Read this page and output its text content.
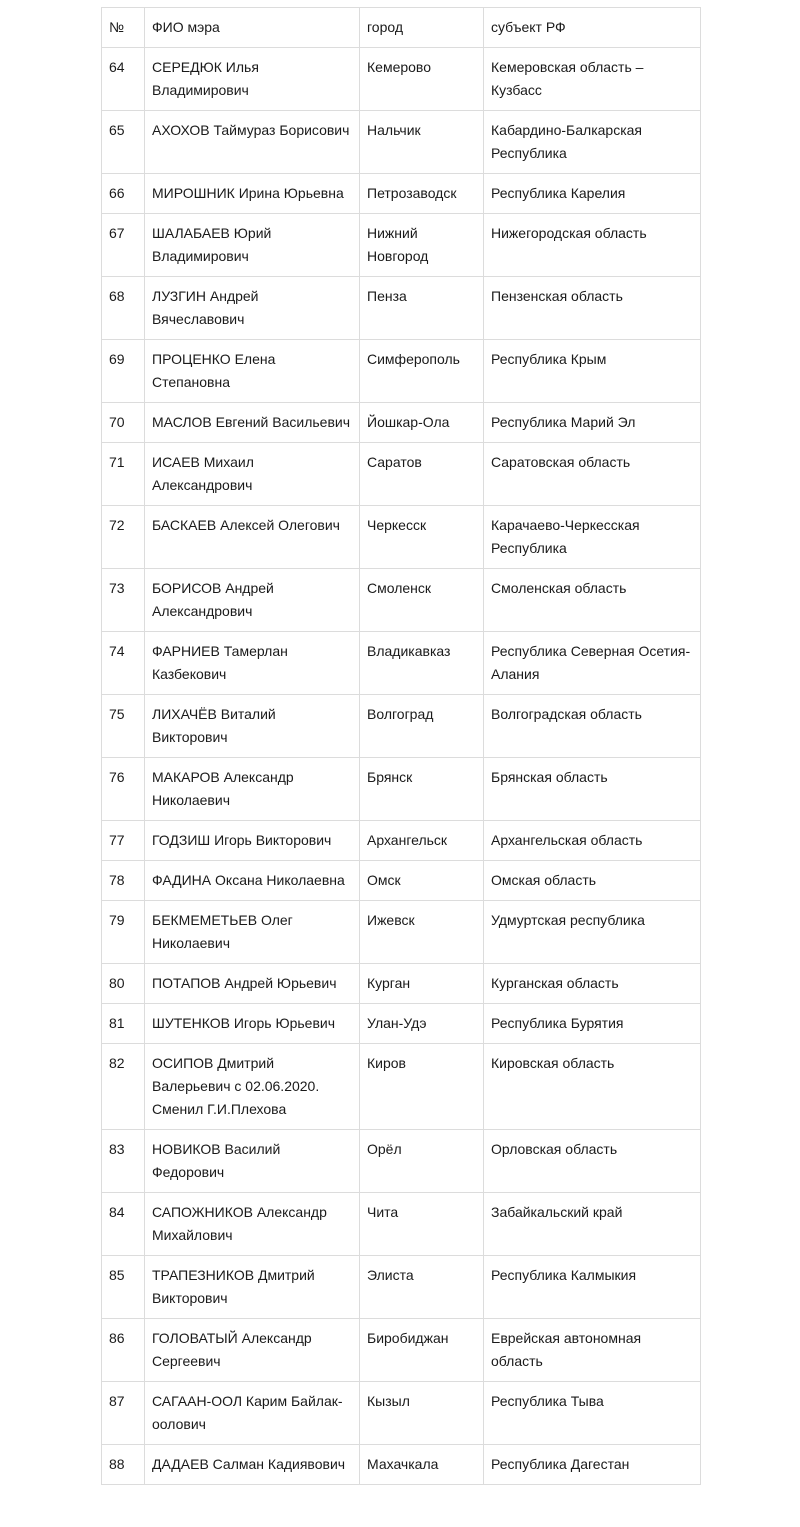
№	ФИО мэра	город	субъект РФ
64	СЕРЕДЮК Илья Владимирович	Кемерово	Кемеровская область – Кузбасс
65	АХОХОВ Таймураз Борисович	Нальчик	Кабардино-Балкарская Республика
66	МИРОШНИК Ирина Юрьевна	Петрозаводск	Республика Карелия
67	ШАЛАБАЕВ Юрий Владимирович	Нижний Новгород	Нижегородская область
68	ЛУЗГИН Андрей Вячеславович	Пенза	Пензенская область
69	ПРОЦЕНКО Елена Степановна	Симферополь	Республика Крым
70	МАСЛОВ Евгений Васильевич	Йошкар-Ола	Республика Марий Эл
71	ИСАЕВ Михаил Александрович	Саратов	Саратовская область
72	БАСКАЕВ Алексей Олегович	Черкесск	Карачаево-Черкесская Республика
73	БОРИСОВ Андрей Александрович	Смоленск	Смоленская область
74	ФАРНИЕВ Тамерлан Казбекович	Владикавказ	Республика Северная Осетия-Алания
75	ЛИХАЧЁВ Виталий Викторович	Волгоград	Волгоградская область
76	МАКАРОВ Александр Николаевич	Брянск	Брянская область
77	ГОДЗИШ Игорь Викторович	Архангельск	Архангельская область
78	ФАДИНА Оксана Николаевна	Омск	Омская область
79	БЕКМЕМЕТЬЕВ Олег Николаевич	Ижевск	Удмуртская республика
80	ПОТАПОВ Андрей Юрьевич	Курган	Курганская область
81	ШУТЕНКОВ Игорь Юрьевич	Улан-Удэ	Республика Бурятия
82	ОСИПОВ Дмитрий Валерьевич с 02.06.2020. Сменил Г.И.Плехова	Киров	Кировская область
83	НОВИКОВ Василий Федорович	Орёл	Орловская область
84	САПОЖНИКОВ Александр Михайлович	Чита	Забайкальский край
85	ТРАПЕЗНИКОВ Дмитрий Викторович	Элиста	Республика Калмыкия
86	ГОЛОВАТЫЙ Александр Сергеевич	Биробиджан	Еврейская автономная область
87	САГААН-ООЛ Карим Байлак-оолович	Кызыл	Республика Тыва
88	ДАДАЕВ Салман Кадиявович	Махачкала	Республика Дагестан
